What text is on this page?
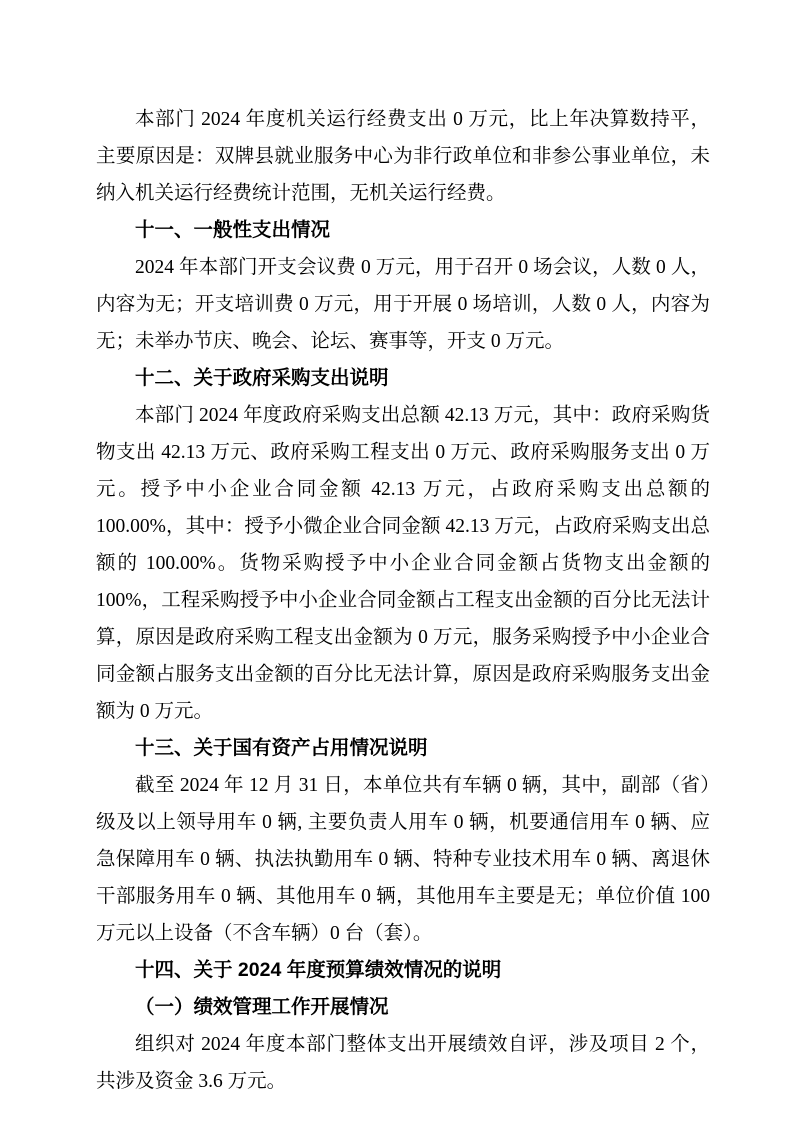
本部门 2024 年度机关运行经费支出 0 万元，比上年决算数持平，主要原因是：双牌县就业服务中心为非行政单位和非参公事业单位，未纳入机关运行经费统计范围，无机关运行经费。

十一、一般性支出情况

2024 年本部门开支会议费 0 万元，用于召开 0 场会议，人数 0 人，内容为无；开支培训费 0 万元，用于开展 0 场培训，人数 0 人，内容为无；未举办节庆、晚会、论坛、赛事等，开支 0 万元。

十二、关于政府采购支出说明

本部门 2024 年度政府采购支出总额 42.13 万元，其中：政府采购货物支出 42.13 万元、政府采购工程支出 0 万元、政府采购服务支出 0 万元。授予中小企业合同金额 42.13 万元，占政府采购支出总额的 100.00%，其中：授予小微企业合同金额 42.13 万元，占政府采购支出总额的 100.00%。货物采购授予中小企业合同金额占货物支出金额的 100%，工程采购授予中小企业合同金额占工程支出金额的百分比无法计算，原因是政府采购工程支出金额为 0 万元，服务采购授予中小企业合同金额占服务支出金额的百分比无法计算，原因是政府采购服务支出金额为 0 万元。

十三、关于国有资产占用情况说明

截至 2024 年 12 月 31 日，本单位共有车辆 0 辆，其中，副部（省）级及以上领导用车 0 辆, 主要负责人用车 0 辆，机要通信用车 0 辆、应急保障用车 0 辆、执法执勤用车 0 辆、特种专业技术用车 0 辆、离退休干部服务用车 0 辆、其他用车 0 辆，其他用车主要是无；单位价值 100 万元以上设备（不含车辆）0 台（套）。

十四、关于 2024 年度预算绩效情况的说明
（一）绩效管理工作开展情况

组织对 2024 年度本部门整体支出开展绩效自评，涉及项目 2 个，共涉及资金 3.6 万元。
